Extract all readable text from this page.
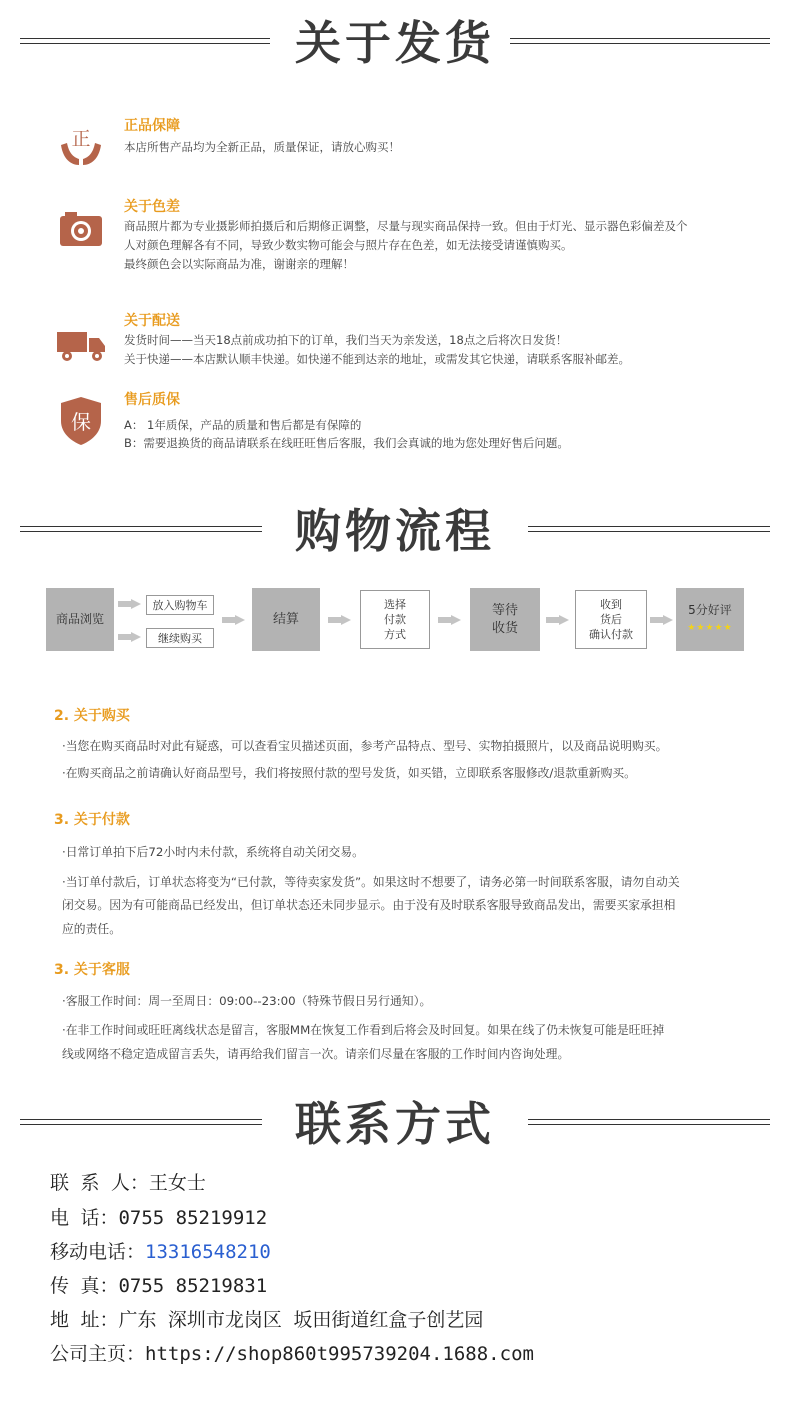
关于发货
正
正品保障
本店所售产品均为全新正品，质量保证，请放心购买！
关于色差
商品照片都为专业摄影师拍摄后和后期修正调整，尽量与现实商品保持一致。但由于灯光、显示器色彩偏差及个
人对颜色理解各有不同，导致少数实物可能会与照片存在色差，如无法接受请谨慎购买。
最终颜色会以实际商品为准，谢谢亲的理解！
关于配送
发货时间——当天18点前成功拍下的订单，我们当天为亲发送，18点之后将次日发货！
关于快递——本店默认顺丰快递。如快递不能到达亲的地址，或需发其它快递，请联系客服补邮差。
保
售后质保
A： 1年质保，产品的质量和售后都是有保障的
B：需要退换货的商品请联系在线旺旺售后客服，我们会真诚的地为您处理好售后问题。
购物流程
商品浏览
放入购物车
继续购买
结算
选择
付款
方式
等待
收货
收到
货后
确认付款
5分好评
★★★★★
2. 关于购买
·当您在购买商品时对此有疑惑，可以查看宝贝描述页面，参考产品特点、型号、实物拍摄照片，以及商品说明购买。
·在购买商品之前请确认好商品型号，我们将按照付款的型号发货，如买错，立即联系客服修改/退款重新购买。
3. 关于付款
·日常订单拍下后72小时内未付款，系统将自动关闭交易。
·当订单付款后，订单状态将变为“已付款，等待卖家发货”。如果这时不想要了，请务必第一时间联系客服，请勿自动关
闭交易。因为有可能商品已经发出，但订单状态还未同步显示。由于没有及时联系客服导致商品发出，需要买家承担相
应的责任。
3. 关于客服
·客服工作时间：周一至周日：09:00--23:00（特殊节假日另行通知）。
·在非工作时间或旺旺离线状态是留言，客服MM在恢复工作看到后将会及时回复。如果在线了仍未恢复可能是旺旺掉
线或网络不稳定造成留言丢失，请再给我们留言一次。请亲们尽量在客服的工作时间内咨询处理。
联系方式
联 系 人：王女士
电 话：0755 85219912
移动电话：13316548210
传 真：0755 85219831
地 址：广东 深圳市龙岗区 坂田街道红盒子创艺园
公司主页：https://shop860t995739204.1688.com
